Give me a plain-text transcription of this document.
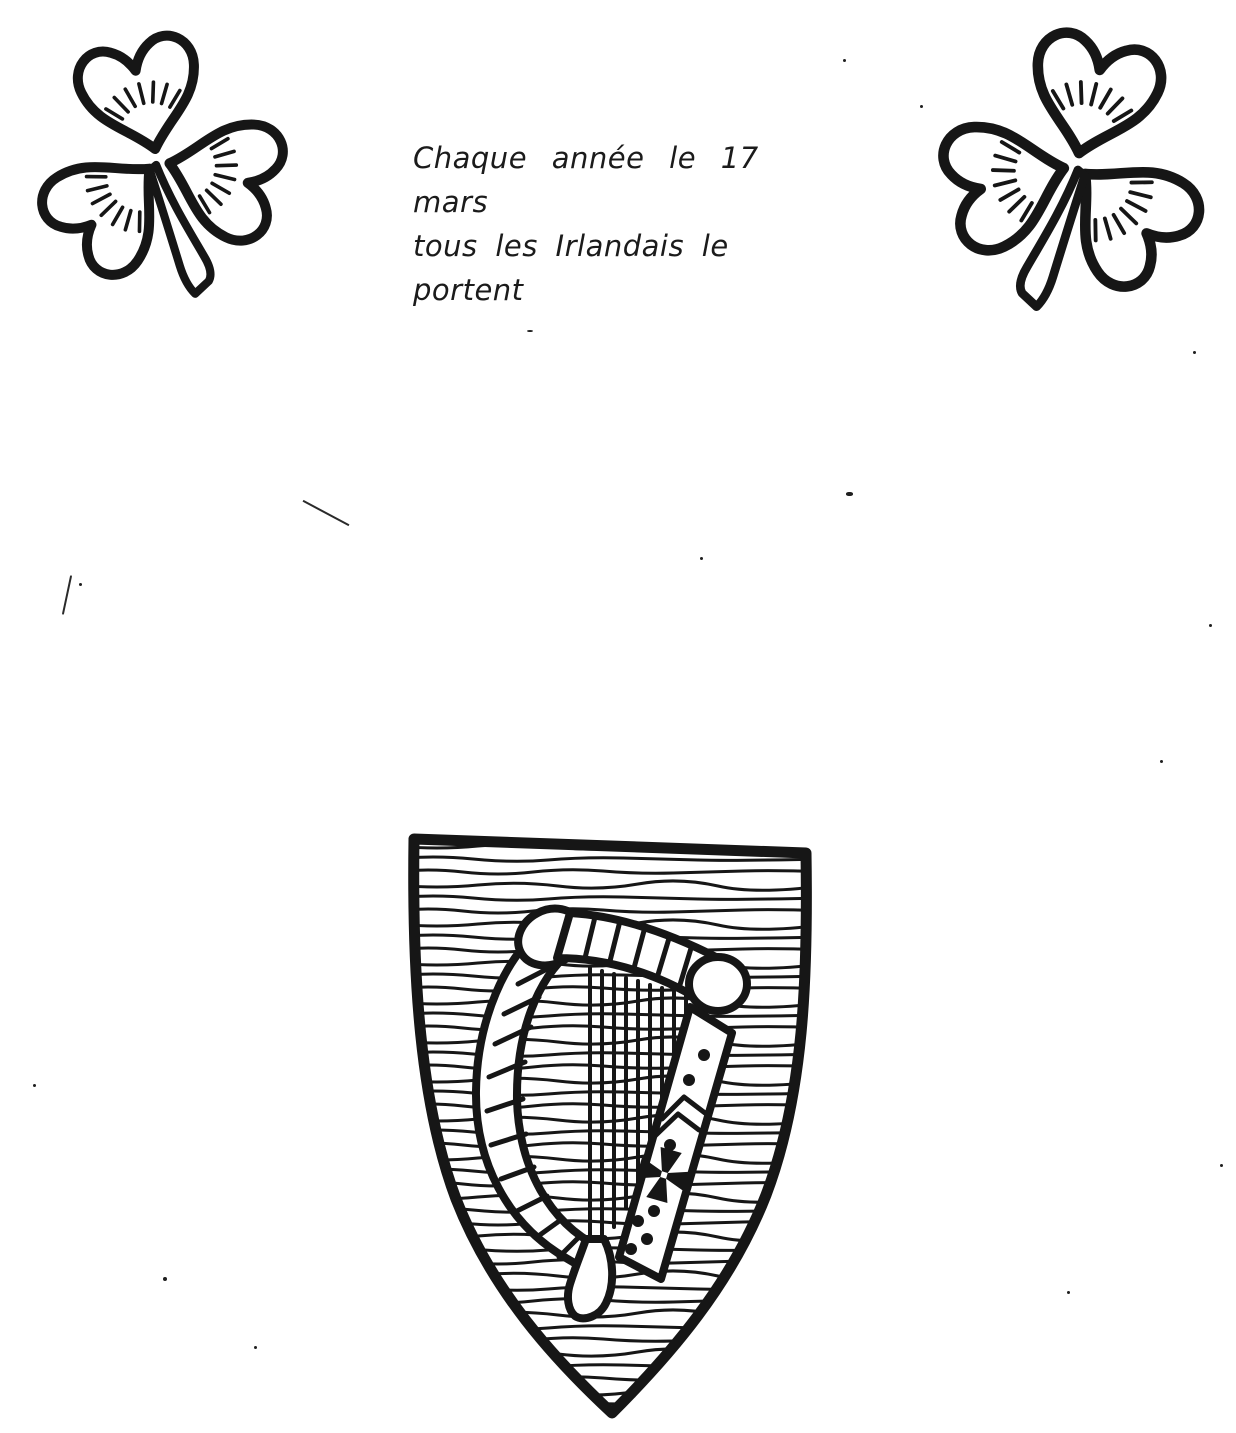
Chaque année le 17 mars
tous les Irlandais le portent
